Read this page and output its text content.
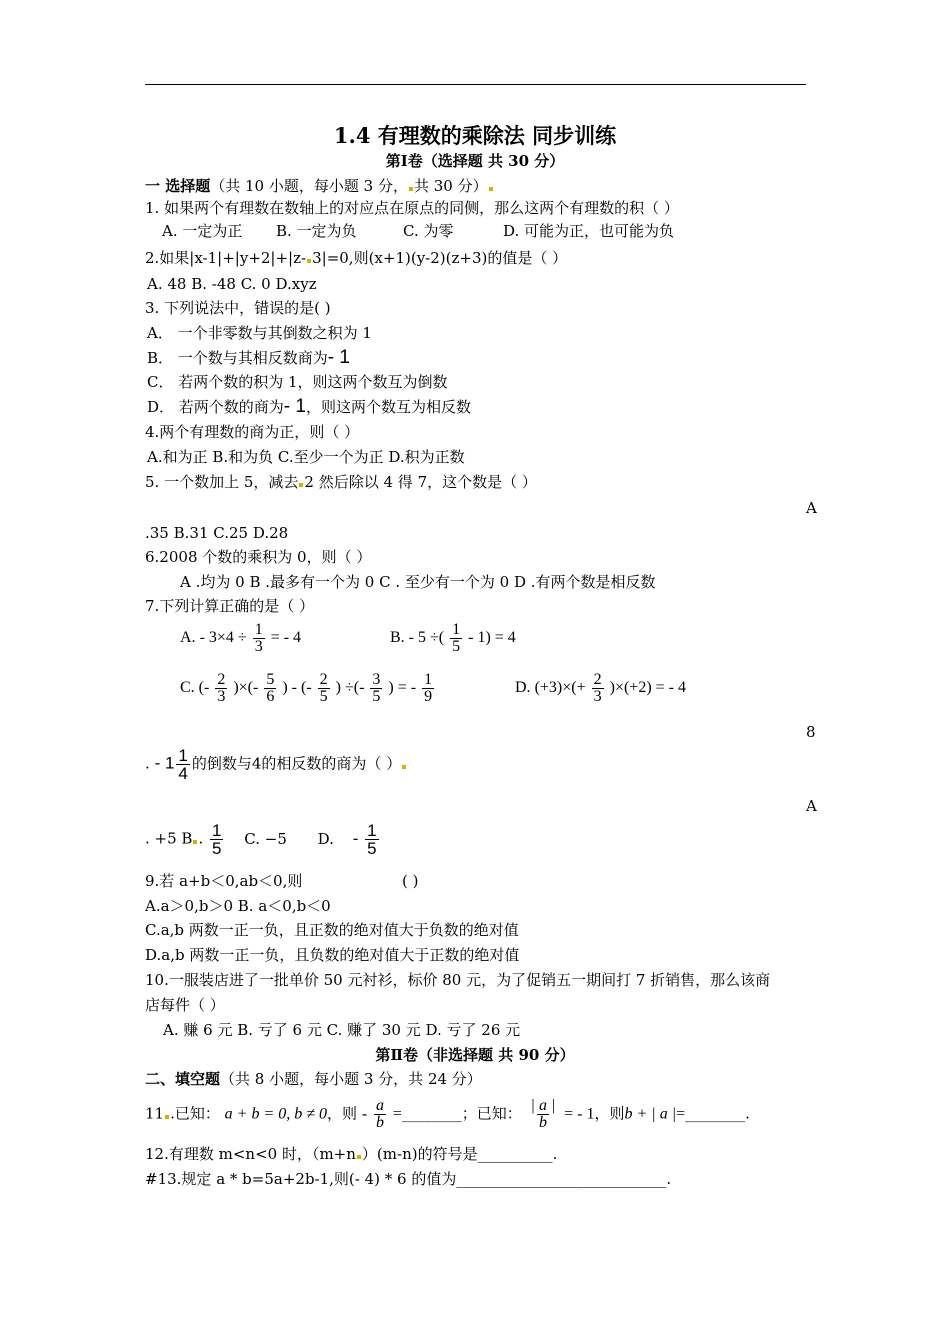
1.4 有理数的乘除法 同步训练
第Ⅰ卷（选择题 共 30 分）
一 选择题（共 10 小题，每小题 3 分， 共 30 分）
1. 如果两个有理数在数轴上的对应点在原点的同侧，那么这两个有理数的积（ ）
A. 一定为正 B. 一定为负	C. 为零	D. 可能为正，也可能为负
2.如果|x-1|+|y+2|+|z- 3|=0,则(x+1)(y-2)(z+3)的值是（ ）
A. 48 B. -48 C. 0 D.xyz
3. 下列说法中，错误的是( )
A． 一个非零数与其倒数之积为 1
B． 一个数与其相反数商为- 1
C． 若两个数的积为 1，则这两个数互为倒数
D． 若两个数的商为- 1，则这两个数互为相反数
4.两个有理数的商为正，则（ ）
A.和为正 B.和为负 C.至少一个为正 D.积为正数
5. 一个数加上 5，减去 2 然后除以 4 得 7，这个数是（ ）
A
.35 B.31 C.25 D.28
6.2008 个数的乘积为 0，则（ ）
A .均为 0 B .最多有一个为 0 C . 至少有一个为 0 D .有两个数是相反数
7.下列计算正确的是（ ）
A. - $3\times 4 \div \frac{1}{3}$ = - 4	B. - 5 ÷( $\frac{1}{5} - 1) = 4$
C. (- $\frac{2}{3}$ )×(- $\frac{5}{6}$ ) - (- $\frac{2}{5}$ ) ÷(- $\frac{3}{5}$ ) = - $\frac{1}{9}$	D. $(+3)\times(+ \frac{2}{3} )\times(+2)$ = - 4
8
. - $1 \frac{1}{4}$ 的倒数与4的相反数的商为（ ）
A
. +5 B . $\frac{1}{5} C$. −5 D. - $\frac{1}{5}$
9.若 a+b＜0,ab＜0,则	( )
A.a＞0,b＞0 B. a＜0,b＜0
C.a,b 两数一正一负，且正数的绝对值大于负数的绝对值
D.a,b 两数一正一负，且负数的绝对值大于正数的绝对值
10.一服装店进了一批单价 50 元衬衫，标价 80 元，为了促销五一期间打 7 折销售，那么该商
店每件（ ）
A. 赚 6 元 B. 亏了 6 元 C. 赚了 30 元 D. 亏了 26 元
第Ⅱ卷（非选择题 共 90 分）
二、填空题（共 8 小题，每小题 3 分，共 24 分）
11 .已知： a + b = 0, b ≠ 0，则 - $\frac{a}{b}$ =________；已知： $\frac{| a |}{b}$ = - 1，则b + | a |=________.
12.有理数 m<n<0 时，（m+n ）(m-n)的符号是__________.
#13.规定 a * b=5a+2b-1,则(- 4) * 6 的值为____________________________.
